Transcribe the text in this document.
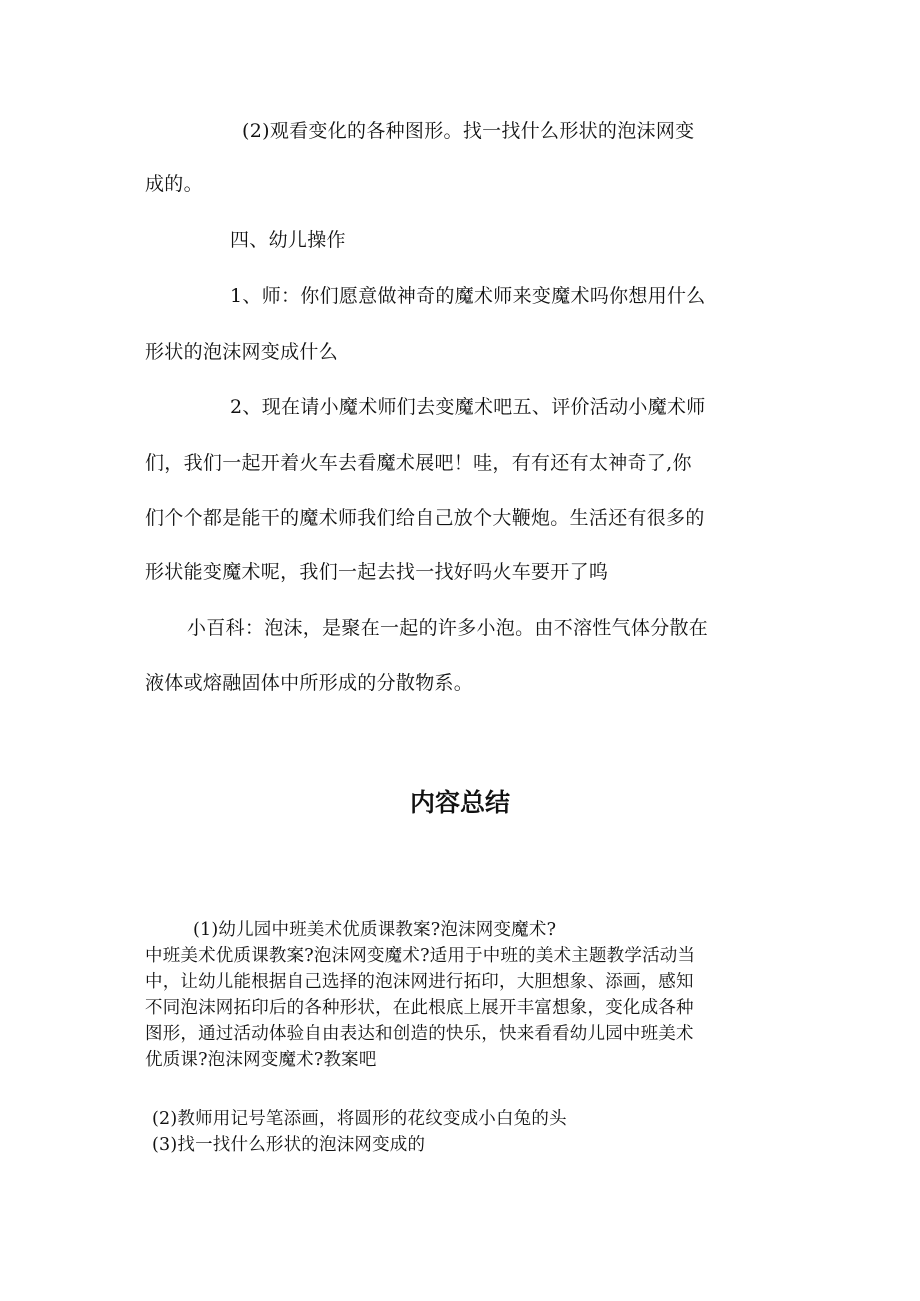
(2)观看变化的各种图形。找一找什么形状的泡沫网变

成的。

四、幼儿操作

1、师：你们愿意做神奇的魔术师来变魔术吗你想用什么

形状的泡沫网变成什么

2、现在请小魔术师们去变魔术吧五、评价活动小魔术师

们，我们一起开着火车去看魔术展吧！哇，有有还有太神奇了,你

们个个都是能干的魔术师我们给自己放个大鞭炮。生活还有很多的

形状能变魔术呢，我们一起去找一找好吗火车要开了呜

小百科：泡沫，是聚在一起的许多小泡。由不溶性气体分散在

液体或熔融固体中所形成的分散物系。

内容总结

(1)幼儿园中班美术优质课教案?泡沫网变魔术?

中班美术优质课教案?泡沫网变魔术?适用于中班的美术主题教学活动当

中，让幼儿能根据自己选择的泡沫网进行拓印，大胆想象、添画，感知

不同泡沫网拓印后的各种形状，在此根底上展开丰富想象，变化成各种

图形，通过活动体验自由表达和创造的快乐，快来看看幼儿园中班美术

优质课?泡沫网变魔术?教案吧

(2)教师用记号笔添画，将圆形的花纹变成小白兔的头

(3)找一找什么形状的泡沫网变成的
